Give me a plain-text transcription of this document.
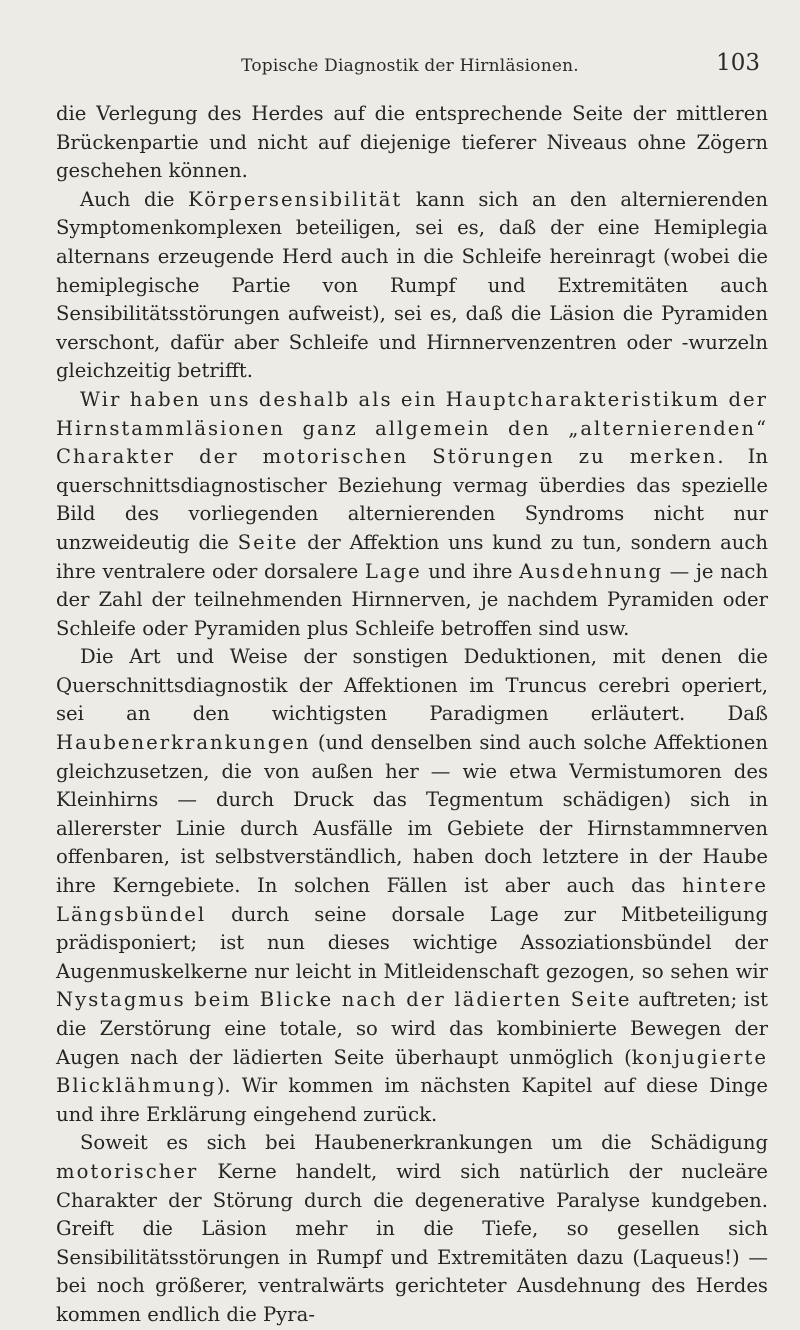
Topische Diagnostik der Hirnläsionen.	103

die Verlegung des Herdes auf die entsprechende Seite der mittleren Brückenpartie und nicht auf diejenige tieferer Niveaus ohne Zögern geschehen können.

Auch die Körpersensibilität kann sich an den alternierenden Symptomenkomplexen beteiligen, sei es, daß der eine Hemiplegia alternans erzeugende Herd auch in die Schleife hereinragt (wobei die hemiplegische Partie von Rumpf und Extremitäten auch Sensibilitätsstörungen aufweist), sei es, daß die Läsion die Pyramiden verschont, dafür aber Schleife und Hirnnervenzentren oder -wurzeln gleichzeitig betrifft.

Wir haben uns deshalb als ein Hauptcharakteristikum der Hirnstammläsionen ganz allgemein den „alternierenden“ Charakter der motorischen Störungen zu merken. In querschnittsdiagnostischer Beziehung vermag überdies das spezielle Bild des vorliegenden alternierenden Syndroms nicht nur unzweideutig die Seite der Affektion uns kund zu tun, sondern auch ihre ventralere oder dorsalere Lage und ihre Ausdehnung — je nach der Zahl der teilnehmenden Hirnnerven, je nachdem Pyramiden oder Schleife oder Pyramiden plus Schleife betroffen sind usw.

Die Art und Weise der sonstigen Deduktionen, mit denen die Querschnittsdiagnostik der Affektionen im Truncus cerebri operiert, sei an den wichtigsten Paradigmen erläutert. Daß Haubenerkrankungen (und denselben sind auch solche Affektionen gleichzusetzen, die von außen her — wie etwa Vermistumoren des Kleinhirns — durch Druck das Tegmentum schädigen) sich in allererster Linie durch Ausfälle im Gebiete der Hirnstammnerven offenbaren, ist selbstverständlich, haben doch letztere in der Haube ihre Kerngebiete. In solchen Fällen ist aber auch das hintere Längsbündel durch seine dorsale Lage zur Mitbeteiligung prädisponiert; ist nun dieses wichtige Assoziationsbündel der Augenmuskelkerne nur leicht in Mitleidenschaft gezogen, so sehen wir Nystagmus beim Blicke nach der lädierten Seite auftreten; ist die Zerstörung eine totale, so wird das kombinierte Bewegen der Augen nach der lädierten Seite überhaupt unmöglich (konjugierte Blicklähmung). Wir kommen im nächsten Kapitel auf diese Dinge und ihre Erklärung eingehend zurück.

Soweit es sich bei Haubenerkrankungen um die Schädigung motorischer Kerne handelt, wird sich natürlich der nucleäre Charakter der Störung durch die degenerative Paralyse kundgeben. Greift die Läsion mehr in die Tiefe, so gesellen sich Sensibilitätsstörungen in Rumpf und Extremitäten dazu (Laqueus!) — bei noch größerer, ventralwärts gerichteter Ausdehnung des Herdes kommen endlich die Pyra-
